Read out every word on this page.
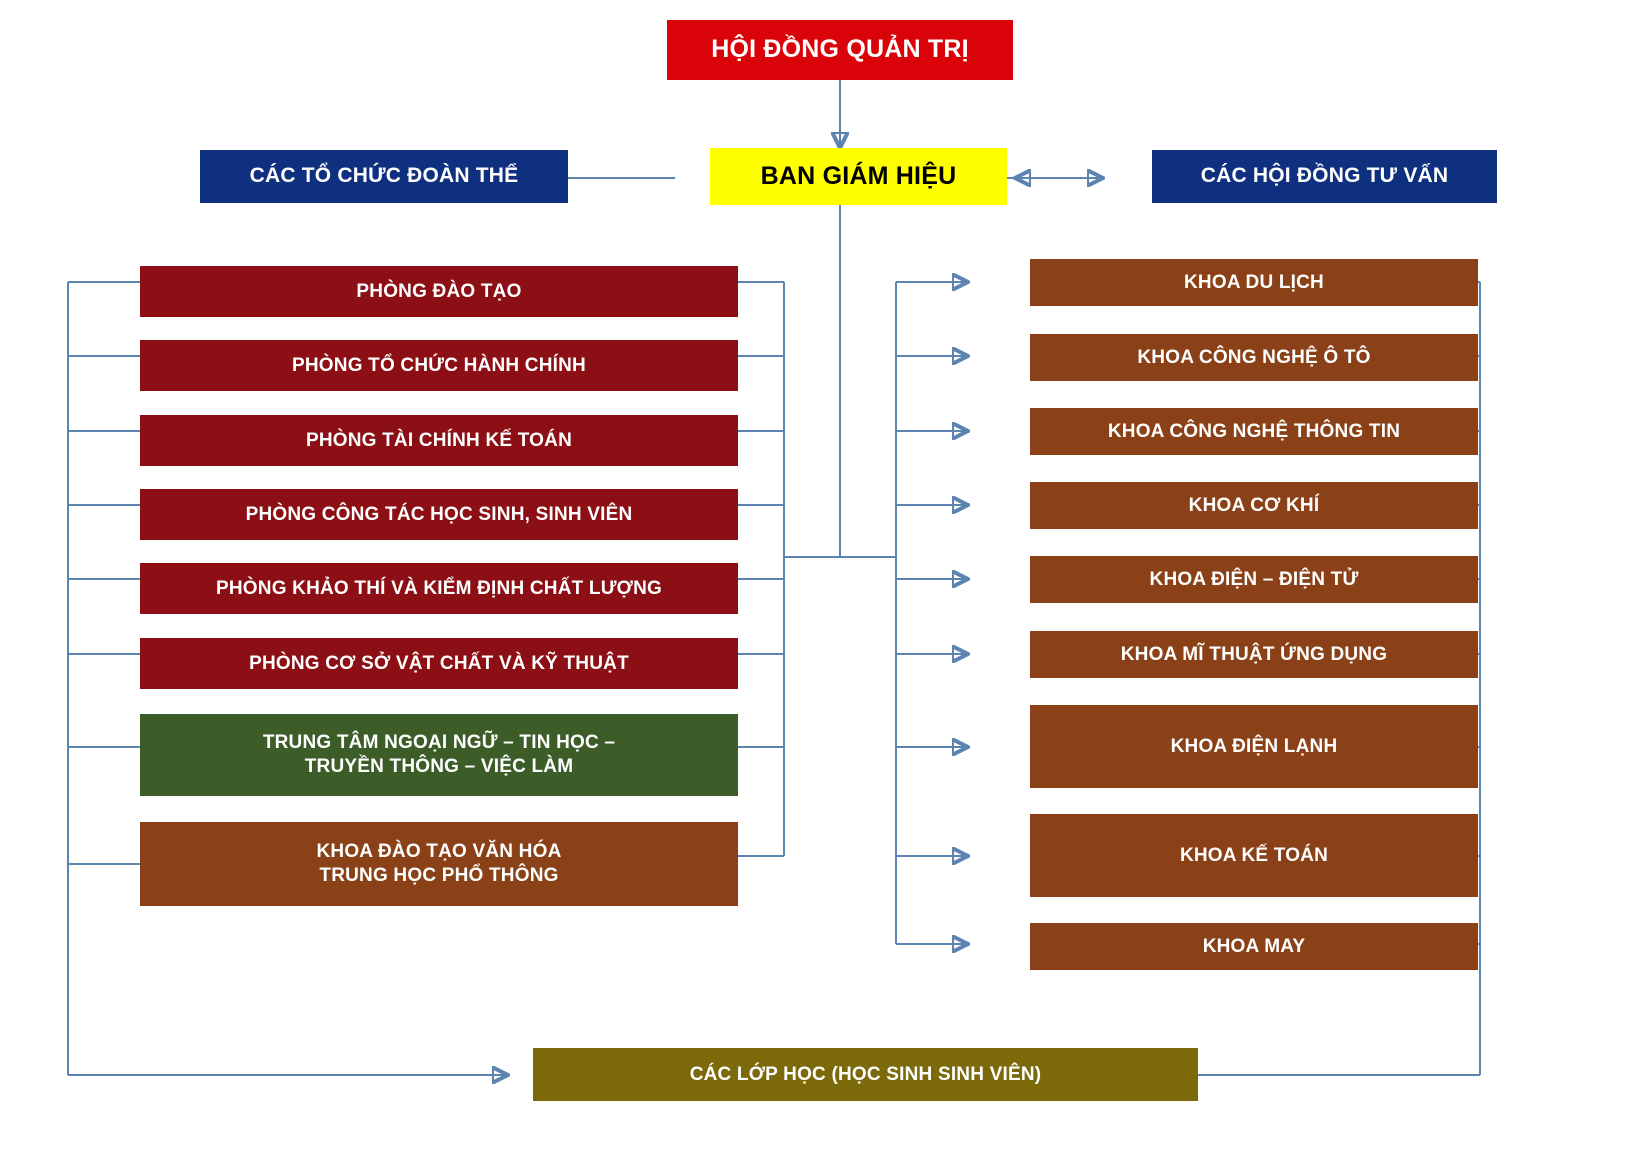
HỘI ĐỒNG QUẢN TRỊ
BAN GIÁM HIỆU
CÁC TỔ CHỨC ĐOÀN THỂ	CÁC HỘI ĐỒNG TƯ VẤN
PHÒNG ĐÀO TẠO
PHÒNG TỔ CHỨC HÀNH CHÍNH
PHÒNG TÀI CHÍNH KẾ TOÁN
PHÒNG CÔNG TÁC HỌC SINH, SINH VIÊN
PHÒNG KHẢO THÍ VÀ KIỂM ĐỊNH CHẤT LƯỢNG
PHÒNG CƠ SỞ VẬT CHẤT VÀ KỸ THUẬT
TRUNG TÂM NGOẠI NGỮ – TIN HỌC –
TRUYỀN THÔNG – VIỆC LÀM
KHOA ĐÀO TẠO VĂN HÓA
TRUNG HỌC PHỔ THÔNG
KHOA DU LỊCH
KHOA CÔNG NGHỆ Ô TÔ
KHOA CÔNG NGHỆ THÔNG TIN
KHOA CƠ KHÍ
KHOA ĐIỆN – ĐIỆN TỬ
KHOA MĨ THUẬT ỨNG DỤNG
KHOA ĐIỆN LẠNH
KHOA KẾ TOÁN
KHOA MAY
CÁC LỚP HỌC (HỌC SINH SINH VIÊN)
